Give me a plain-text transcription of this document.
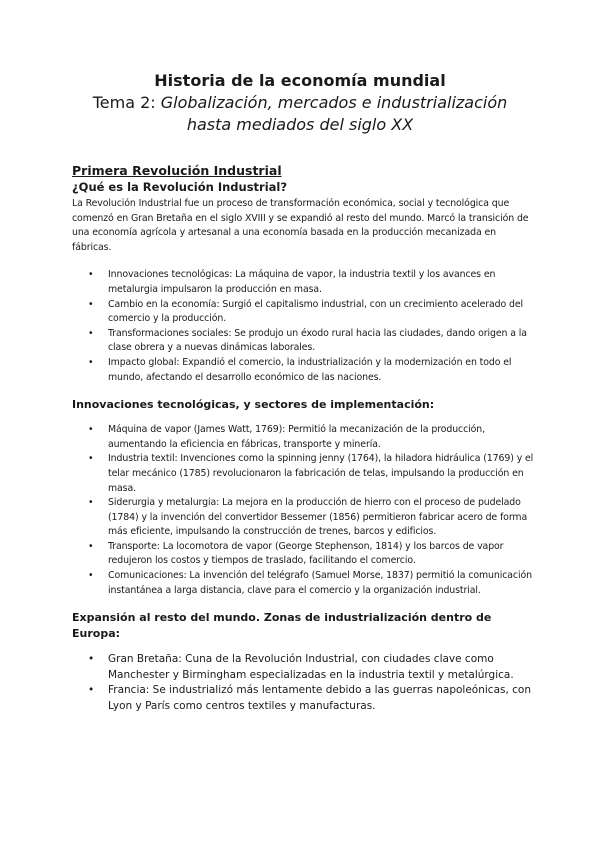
Historia de la economía mundial

Tema 2: Globalización, mercados e industrialización
hasta mediados del siglo XX

Primera Revolución Industrial
¿Qué es la Revolución Industrial?

La Revolución Industrial fue un proceso de transformación económica, social y tecnológica que comenzó en Gran Bretaña en el siglo XVIII y se expandió al resto del mundo. Marcó la transición de una economía agrícola y artesanal a una economía basada en la producción mecanizada en fábricas.

• Innovaciones tecnológicas: La máquina de vapor, la industria textil y los avances en metalurgia impulsaron la producción en masa.
• Cambio en la economía: Surgió el capitalismo industrial, con un crecimiento acelerado del comercio y la producción.
• Transformaciones sociales: Se produjo un éxodo rural hacia las ciudades, dando origen a la clase obrera y a nuevas dinámicas laborales.
• Impacto global: Expandió el comercio, la industrialización y la modernización en todo el mundo, afectando el desarrollo económico de las naciones.
Innovaciones tecnológicas, y sectores de implementación:
• Máquina de vapor (James Watt, 1769): Permitió la mecanización de la producción, aumentando la eficiencia en fábricas, transporte y minería.
• Industria textil: Invenciones como la spinning jenny (1764), la hiladora hidráulica (1769) y el telar mecánico (1785) revolucionaron la fabricación de telas, impulsando la producción en masa.
• Siderurgia y metalurgia: La mejora en la producción de hierro con el proceso de pudelado (1784) y la invención del convertidor Bessemer (1856) permitieron fabricar acero de forma más eficiente, impulsando la construcción de trenes, barcos y edificios.
• Transporte: La locomotora de vapor (George Stephenson, 1814) y los barcos de vapor redujeron los costos y tiempos de traslado, facilitando el comercio.
• Comunicaciones: La invención del telégrafo (Samuel Morse, 1837) permitió la comunicación instantánea a larga distancia, clave para el comercio y la organización industrial.
Expansión al resto del mundo. Zonas de industrialización dentro de Europa:
• Gran Bretaña: Cuna de la Revolución Industrial, con ciudades clave como Manchester y Birmingham especializadas en la industria textil y metalúrgica.
• Francia: Se industrializó más lentamente debido a las guerras napoleónicas, con Lyon y París como centros textiles y manufacturas.
